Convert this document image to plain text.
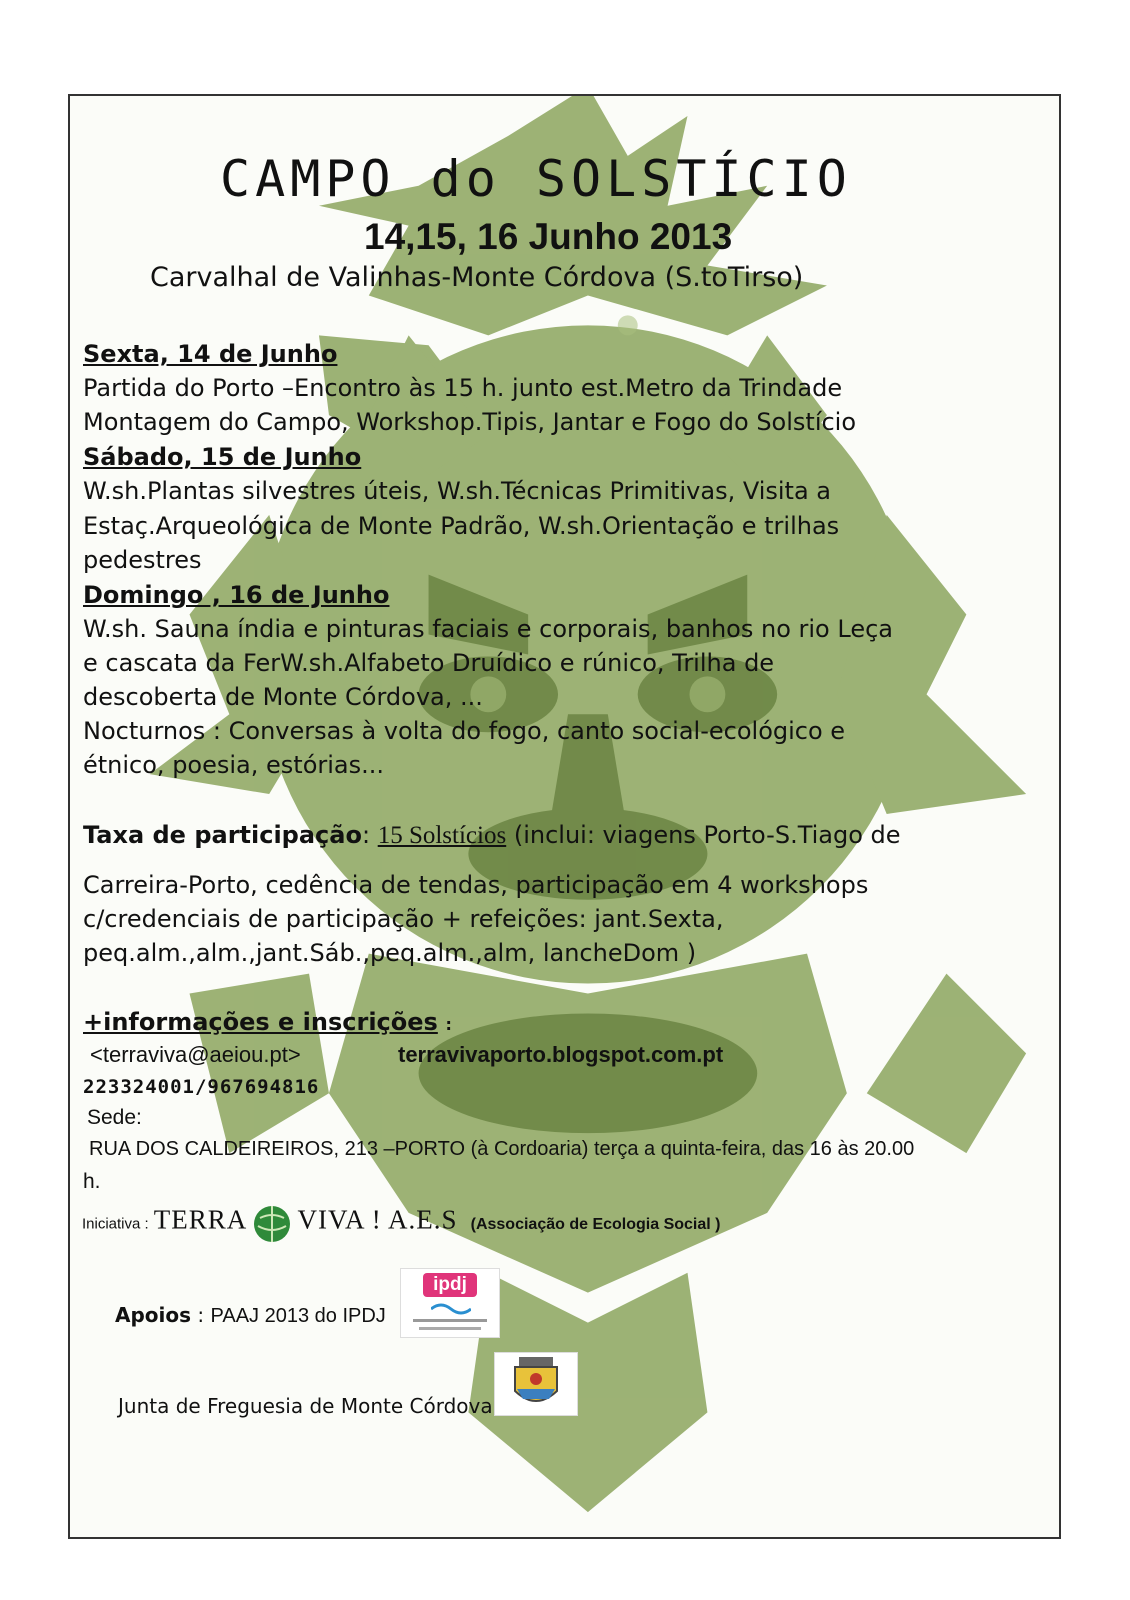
CAMPO do SOLSTÍCIO
14,15, 16 Junho 2013
Carvalhal de Valinhas-Monte Córdova (S.toTirso)
Sexta, 14 de Junho
Partida do Porto –Encontro às 15 h. junto est.Metro da Trindade
Montagem do Campo, Workshop.Tipis, Jantar e Fogo do Solstício
Sábado, 15 de Junho
W.sh.Plantas silvestres úteis, W.sh.Técnicas Primitivas, Visita a
Estaç.Arqueológica de Monte Padrão, W.sh.Orientação e trilhas
pedestres
Domingo , 16 de Junho
W.sh. Sauna índia e pinturas faciais e corporais, banhos no rio Leça
e cascata da FerW.sh.Alfabeto Druídico e rúnico, Trilha de
descoberta de Monte Córdova, ...
Nocturnos : Conversas à volta do fogo, canto social-ecológico e
étnico, poesia, estórias...
Taxa de participação: 15 Solstícios (inclui: viagens Porto-S.Tiago de
Carreira-Porto, cedência de tendas, participação em 4 workshops
c/credenciais de participação + refeições: jant.Sexta,
peq.alm.,alm.,jant.Sáb.,peq.alm.,alm, lancheDom )
+informações e inscrições :
<terraviva@aeiou.pt>	terravivaporto.blogspot.com.pt
223324001/967694816
Sede:
RUA DOS CALDEIREIROS, 213 –PORTO (à Cordoaria) terça a quinta-feira, das 16 às 20.00
h.
Iniciativa : TERRA VIVA ! A.E.S (Associação de Ecologia Social )
Apoios : PAAJ 2013 do IPDJ
ipdj
Junta de Freguesia de Monte Córdova
